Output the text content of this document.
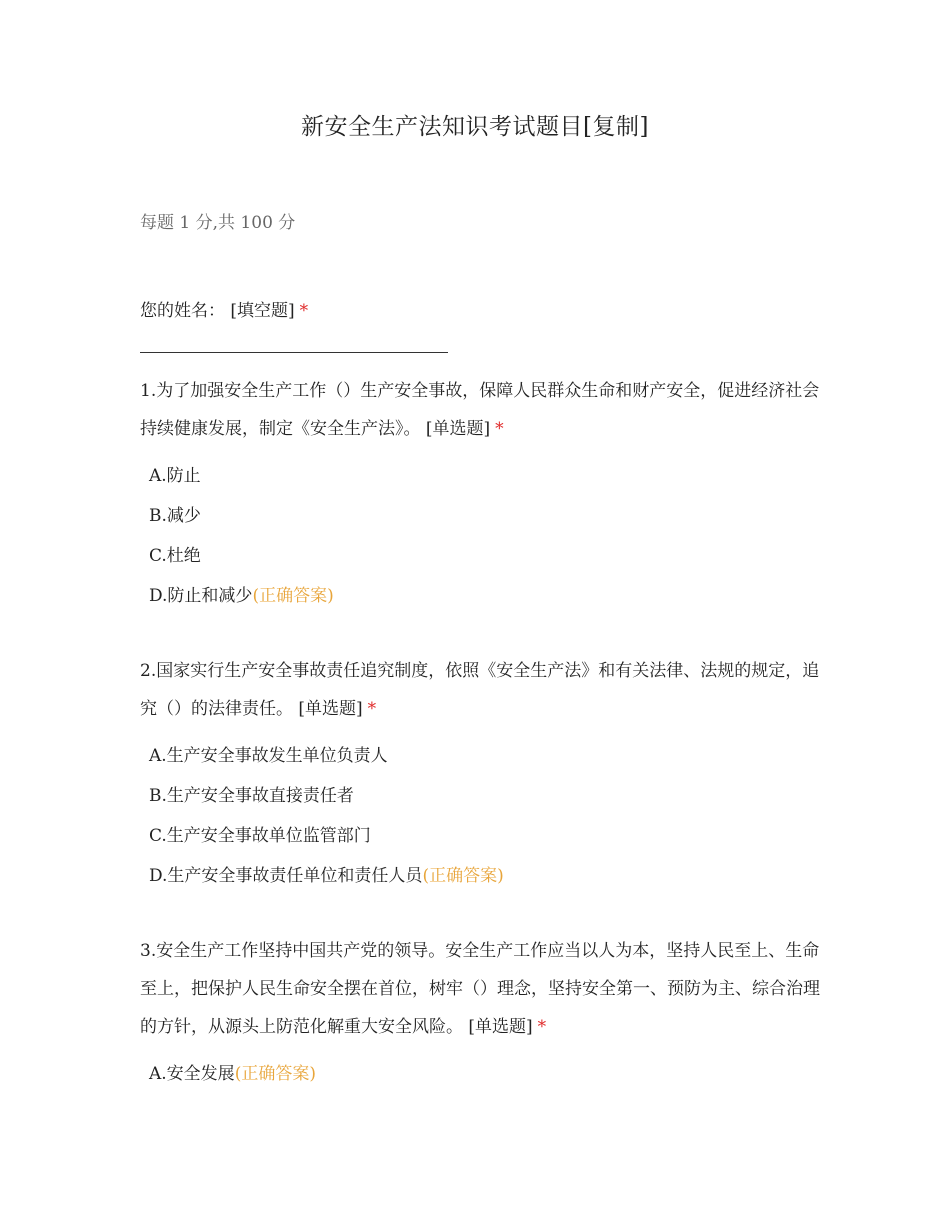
新安全生产法知识考试题目[复制]
每题 1 分,共 100 分
您的姓名： [填空题] *
1.为了加强安全生产工作（）生产安全事故，保障人民群众生命和财产安全，促进经济社会持续健康发展，制定《安全生产法》。 [单选题] *
A.防止
B.减少
C.杜绝
D.防止和减少(正确答案)
2.国家实行生产安全事故责任追究制度，依照《安全生产法》和有关法律、法规的规定，追究（）的法律责任。 [单选题] *
A.生产安全事故发生单位负责人
B.生产安全事故直接责任者
C.生产安全事故单位监管部门
D.生产安全事故责任单位和责任人员(正确答案)
3.安全生产工作坚持中国共产党的领导。安全生产工作应当以人为本，坚持人民至上、生命至上，把保护人民生命安全摆在首位，树牢（）理念，坚持安全第一、预防为主、综合治理的方针，从源头上防范化解重大安全风险。 [单选题] *
A.安全发展(正确答案)
